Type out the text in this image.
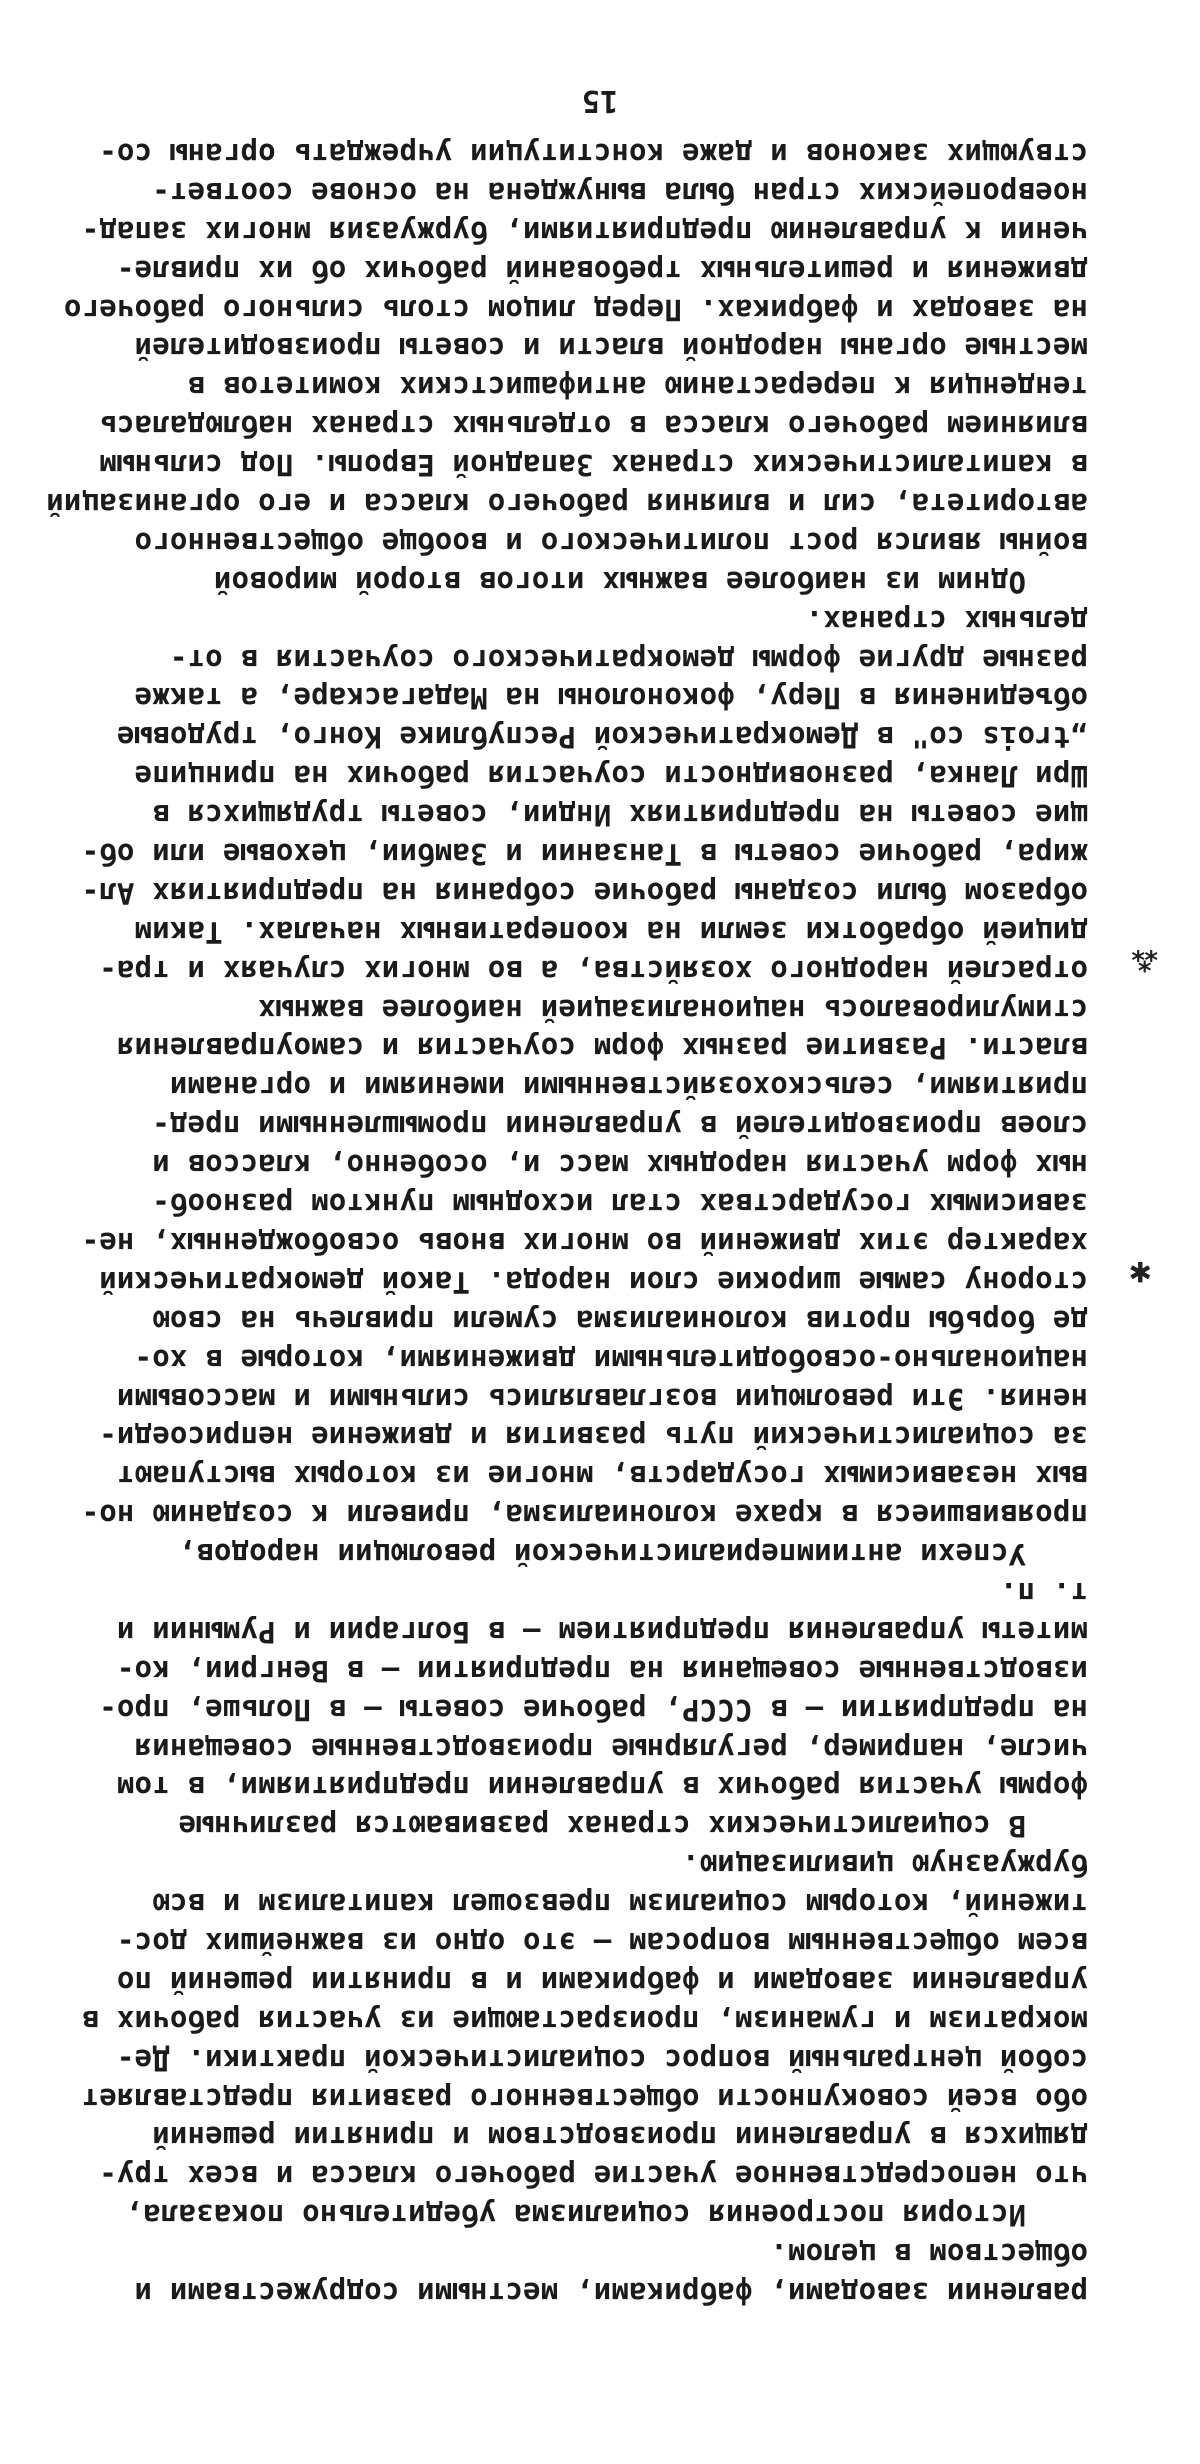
равлении заводами, фабриками, местными содружествами и
обществом в целом.
История построения социализма убедительно показала,
что непосредственное участие рабочего класса и всех тру-
дящихся в управлении производством и принятии решений
обо всей совокупности общественного развития представляет
собой центральный вопрос социалистической практики. Де-
мократизм и гуманизм, произрастающие из участия рабочих в
управлении заводами и фабриками и в принятии решений по
всем общественным вопросам — это одно из важнейших дос-
тижений, которым социализм превзошел капитализм и всю
буржуазную цивилизацию.
В социалистических странах развиваются различные
формы участия рабочих в управлении предприятиями, в том
числе, например, регулярные производственные совещания
на предприятии — в СССР, рабочие советы — в Польше, про-
изводственные совещания на предприятии — в Венгрии, ко-
митеты управления предприятием — в Болгарии и Румынии и
т. п.
Успехи антиимпериалистической революции народов,
проявившиеся в крахе колониализма, привели к созданию но-
вых независимых государств, многие из которых выступают
за социалистический путь развития и движение неприсоеди-
нения. Эти революции возглавлялись сильными и массовыми
национально-освободительными движениями, которые в хо-
де борьбы против колониализма сумели привлечь на свою
сторону самые широкие слои народа. Такой демократический
характер этих движений во многих вновь освобожденных, не-
зависимых государствах стал исходным пунктом разнооб-
ных форм участия народных масс и, особенно, классов и
слоев производителей в управлении промышленными пред-
приятиями, сельскохозяйственными имениями и органами
власти. Развитие разных форм соучастия и самоуправления
стимулировалось национализацией наиболее важных
отраслей народного хозяйства, а во многих случаях и тра-
дицией обработки земли на кооперативных началах. Таким
образом были созданы рабочие собрания на предприятиях Ал-
жира, рабочие советы в Танзании и Замбии, цеховые или об-
щие советы на предприятиях Индии, советы трудящихся в
Шри Ланка, разновидности соучастия рабочих на принципе
„trois co" в Демократической Республике Конго, трудовые
объединения в Перу, фоконолоны на Мадагаскаре, а также
разные другие формы демократического соучастия в от-
дельных странах.
Одним из наиболее важных итогов второй мировой
войны явился рост политического и вообще общественного
авторитета, сил и влияния рабочего класса и его организаций
в капиталистических странах Западной Европы. Под сильным
влиянием рабочего класса в отдельных странах наблюдалась
тенденция к перерастанию антифашистских комитетов в
местные органы народной власти и советы производителей
на заводах и фабриках. Перед лицом столь сильного рабочего
движения и решительных требований рабочих об их привле-
чении к управлению предприятиями, буржуазия многих запад-
ноевропейских стран была вынуждена на основе соответ-
ствующих законов и даже конституции учреждать органы со-
15
✱
⁂
